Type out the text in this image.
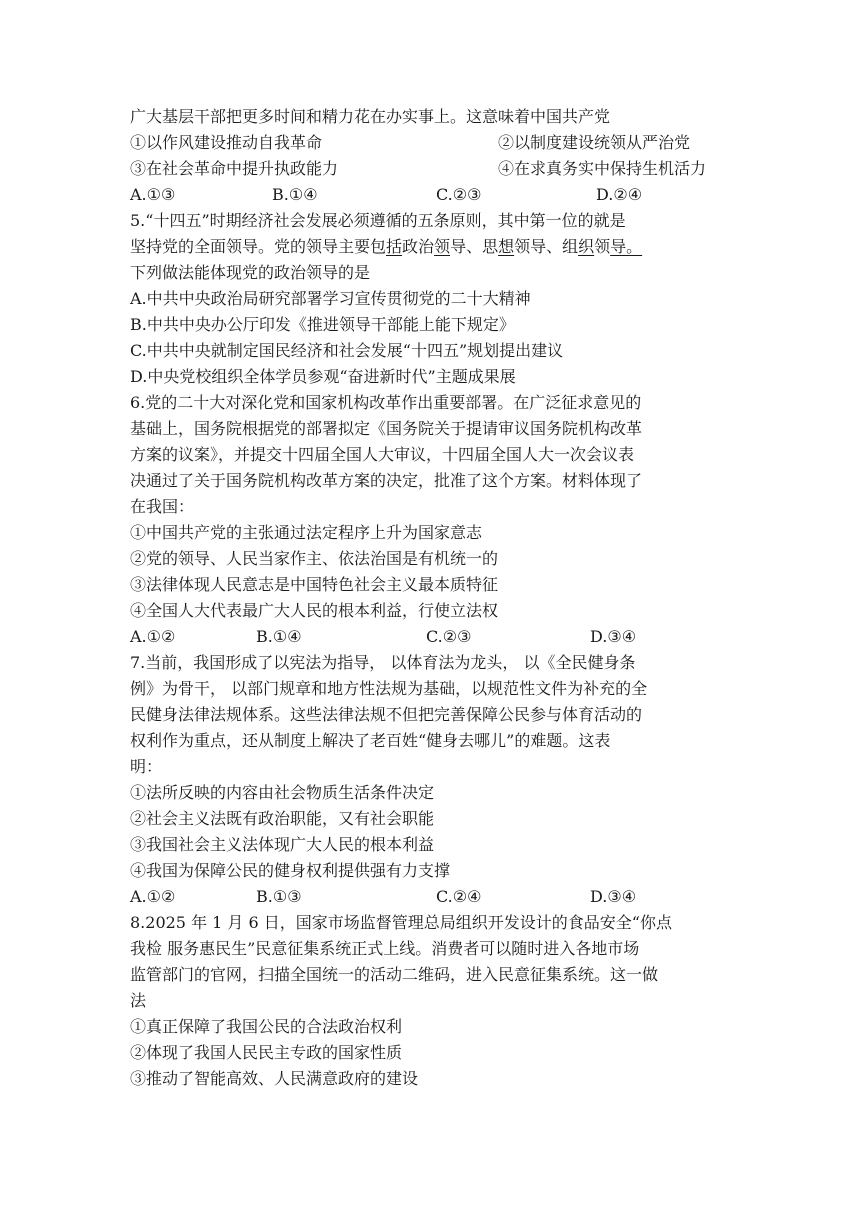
广大基层干部把更多时间和精力花在办实事上。这意味着中国共产党
①以作风建设推动自我革命	②以制度建设统领从严治党
③在社会革命中提升执政能力	④在求真务实中保持生机活力
A.①③	B.①④	C.②③	D.②④
5.“十四五”时期经济社会发展必须遵循的五条原则，其中第一位的就是
坚持党的全面领导。党的领导主要包括政治领导、思想领导、组织领导。
下列做法能体现党的政治领导的是
A.中共中央政治局研究部署学习宣传贯彻党的二十大精神
B.中共中央办公厅印发《推进领导干部能上能下规定》
C.中共中央就制定国民经济和社会发展“十四五”规划提出建议
D.中央党校组织全体学员参观“奋进新时代”主题成果展
6.党的二十大对深化党和国家机构改革作出重要部署。在广泛征求意见的
基础上，国务院根据党的部署拟定《国务院关于提请审议国务院机构改革
方案的议案》，并提交十四届全国人大审议，十四届全国人大一次会议表
决通过了关于国务院机构改革方案的决定，批准了这个方案。材料体现了
在我国：
①中国共产党的主张通过法定程序上升为国家意志
②党的领导、人民当家作主、依法治国是有机统一的
③法律体现人民意志是中国特色社会主义最本质特征
④全国人大代表最广大人民的根本利益，行使立法权
A.①②	B.①④	C.②③	D.③④
7.当前，我国形成了以宪法为指导， 以体育法为龙头， 以《全民健身条
例》为骨干， 以部门规章和地方性法规为基础，以规范性文件为补充的全
民健身法律法规体系。这些法律法规不但把完善保障公民参与体育活动的
权利作为重点，还从制度上解决了老百姓“健身去哪儿”的难题。这表
明：
①法所反映的内容由社会物质生活条件决定
②社会主义法既有政治职能，又有社会职能
③我国社会主义法体现广大人民的根本利益
④我国为保障公民的健身权利提供强有力支撑
A.①②	B.①③	C.②④	D.③④
8.2025 年 1 月 6 日，国家市场监督管理总局组织开发设计的食品安全“你点
我检 服务惠民生”民意征集系统正式上线。消费者可以随时进入各地市场
监管部门的官网，扫描全国统一的活动二维码，进入民意征集系统。这一做
法
①真正保障了我国公民的合法政治权利
②体现了我国人民民主专政的国家性质
③推动了智能高效、人民满意政府的建设
